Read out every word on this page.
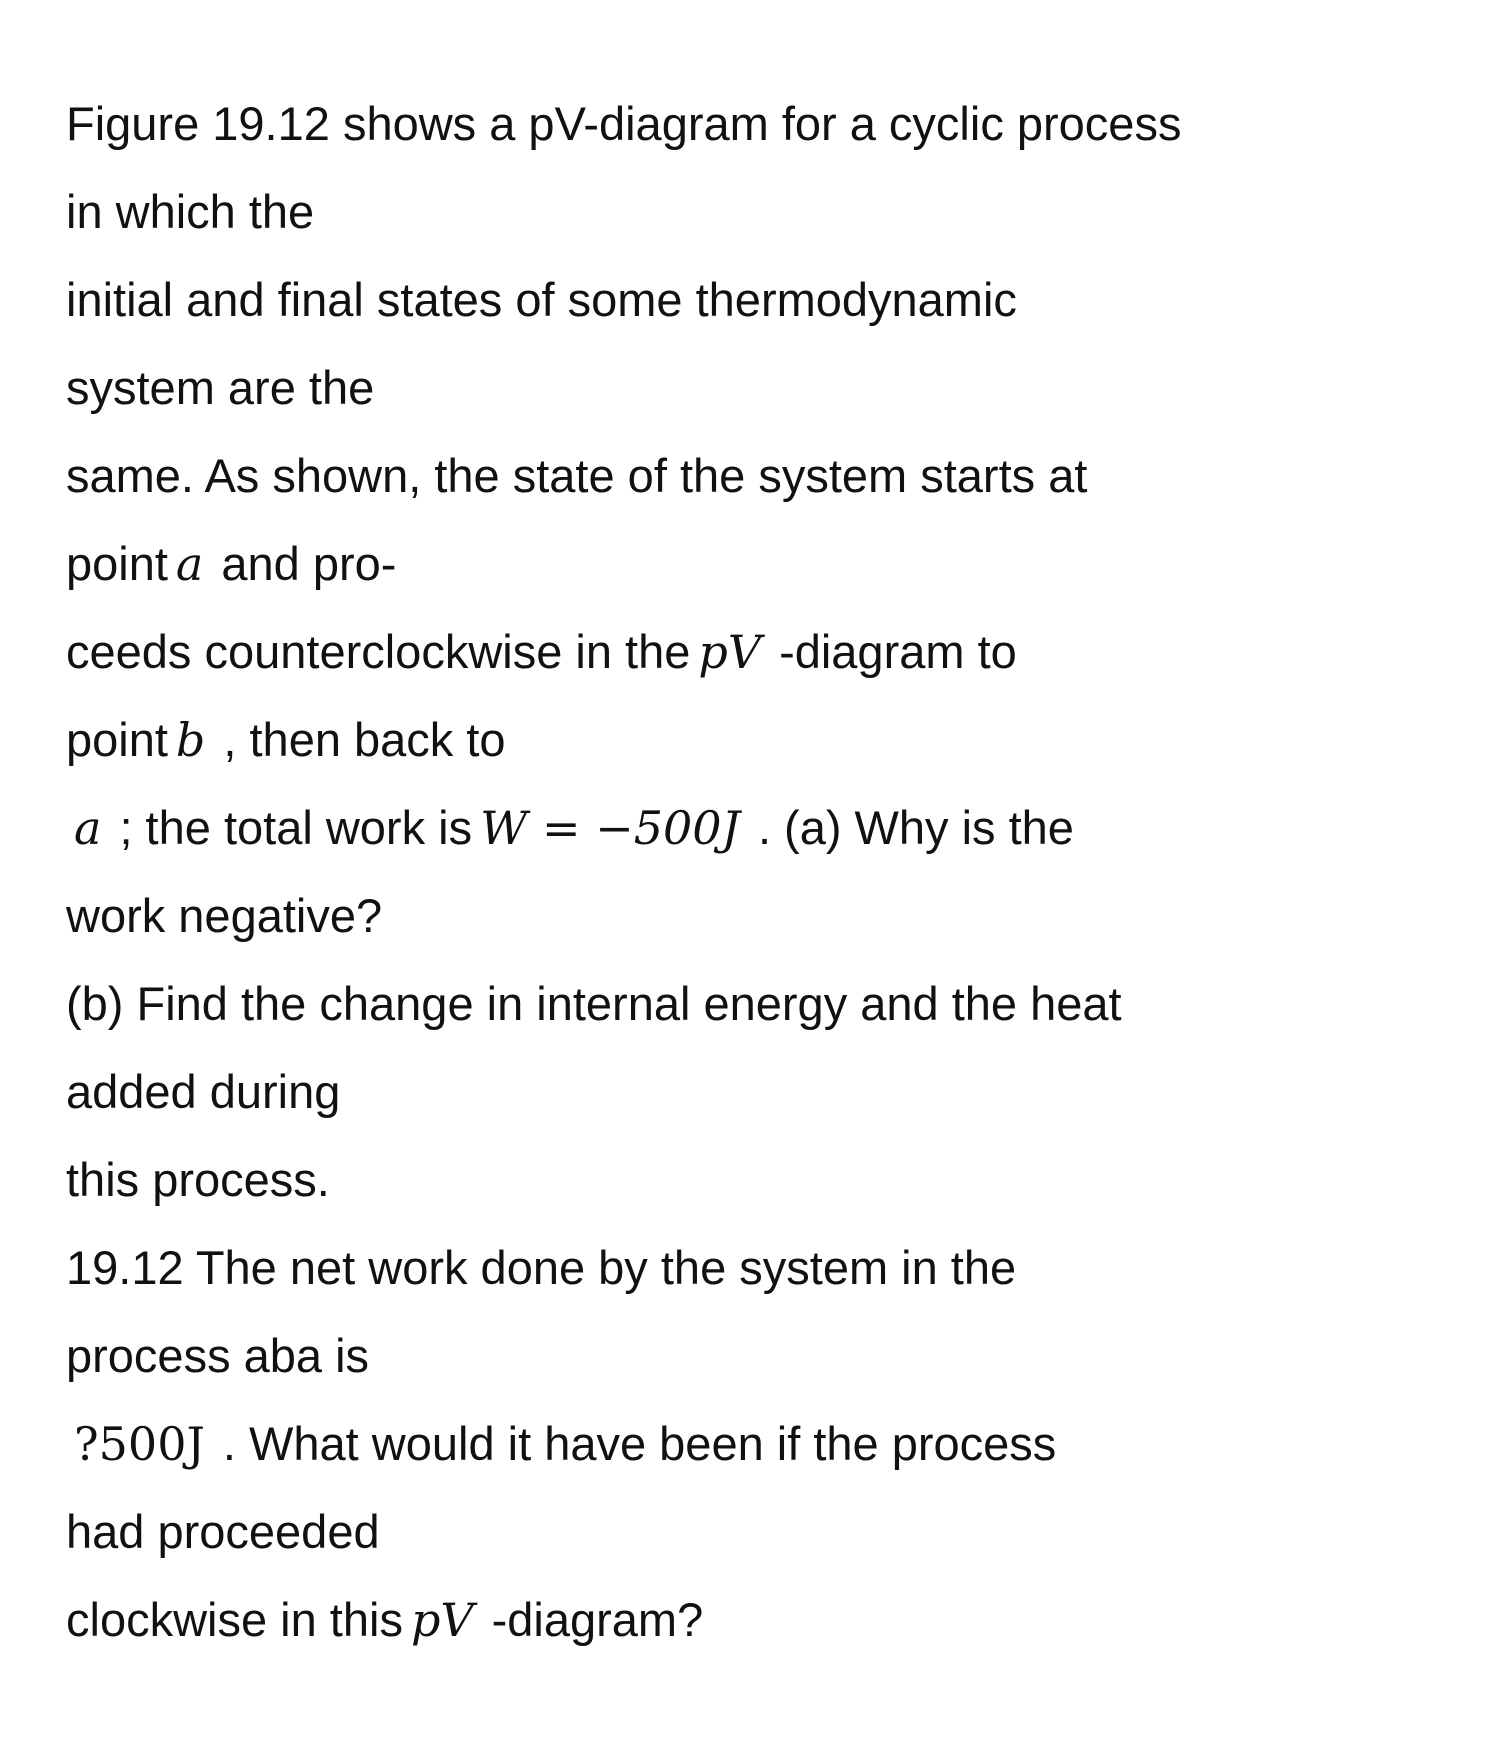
Figure 19.12 shows a pV-diagram for a cyclic process
in which the
initial and final states of some thermodynamic
system are the
same. As shown, the state of the system starts at
point a and pro-
ceeds counterclockwise in the pV -diagram to
point b , then back to
a ; the total work is W = −500J . (a) Why is the
work negative?
(b) Find the change in internal energy and the heat
added during
this process.
19.12 The net work done by the system in the
process aba is
?500J . What would it have been if the process
had proceeded
clockwise in this pV -diagram?
